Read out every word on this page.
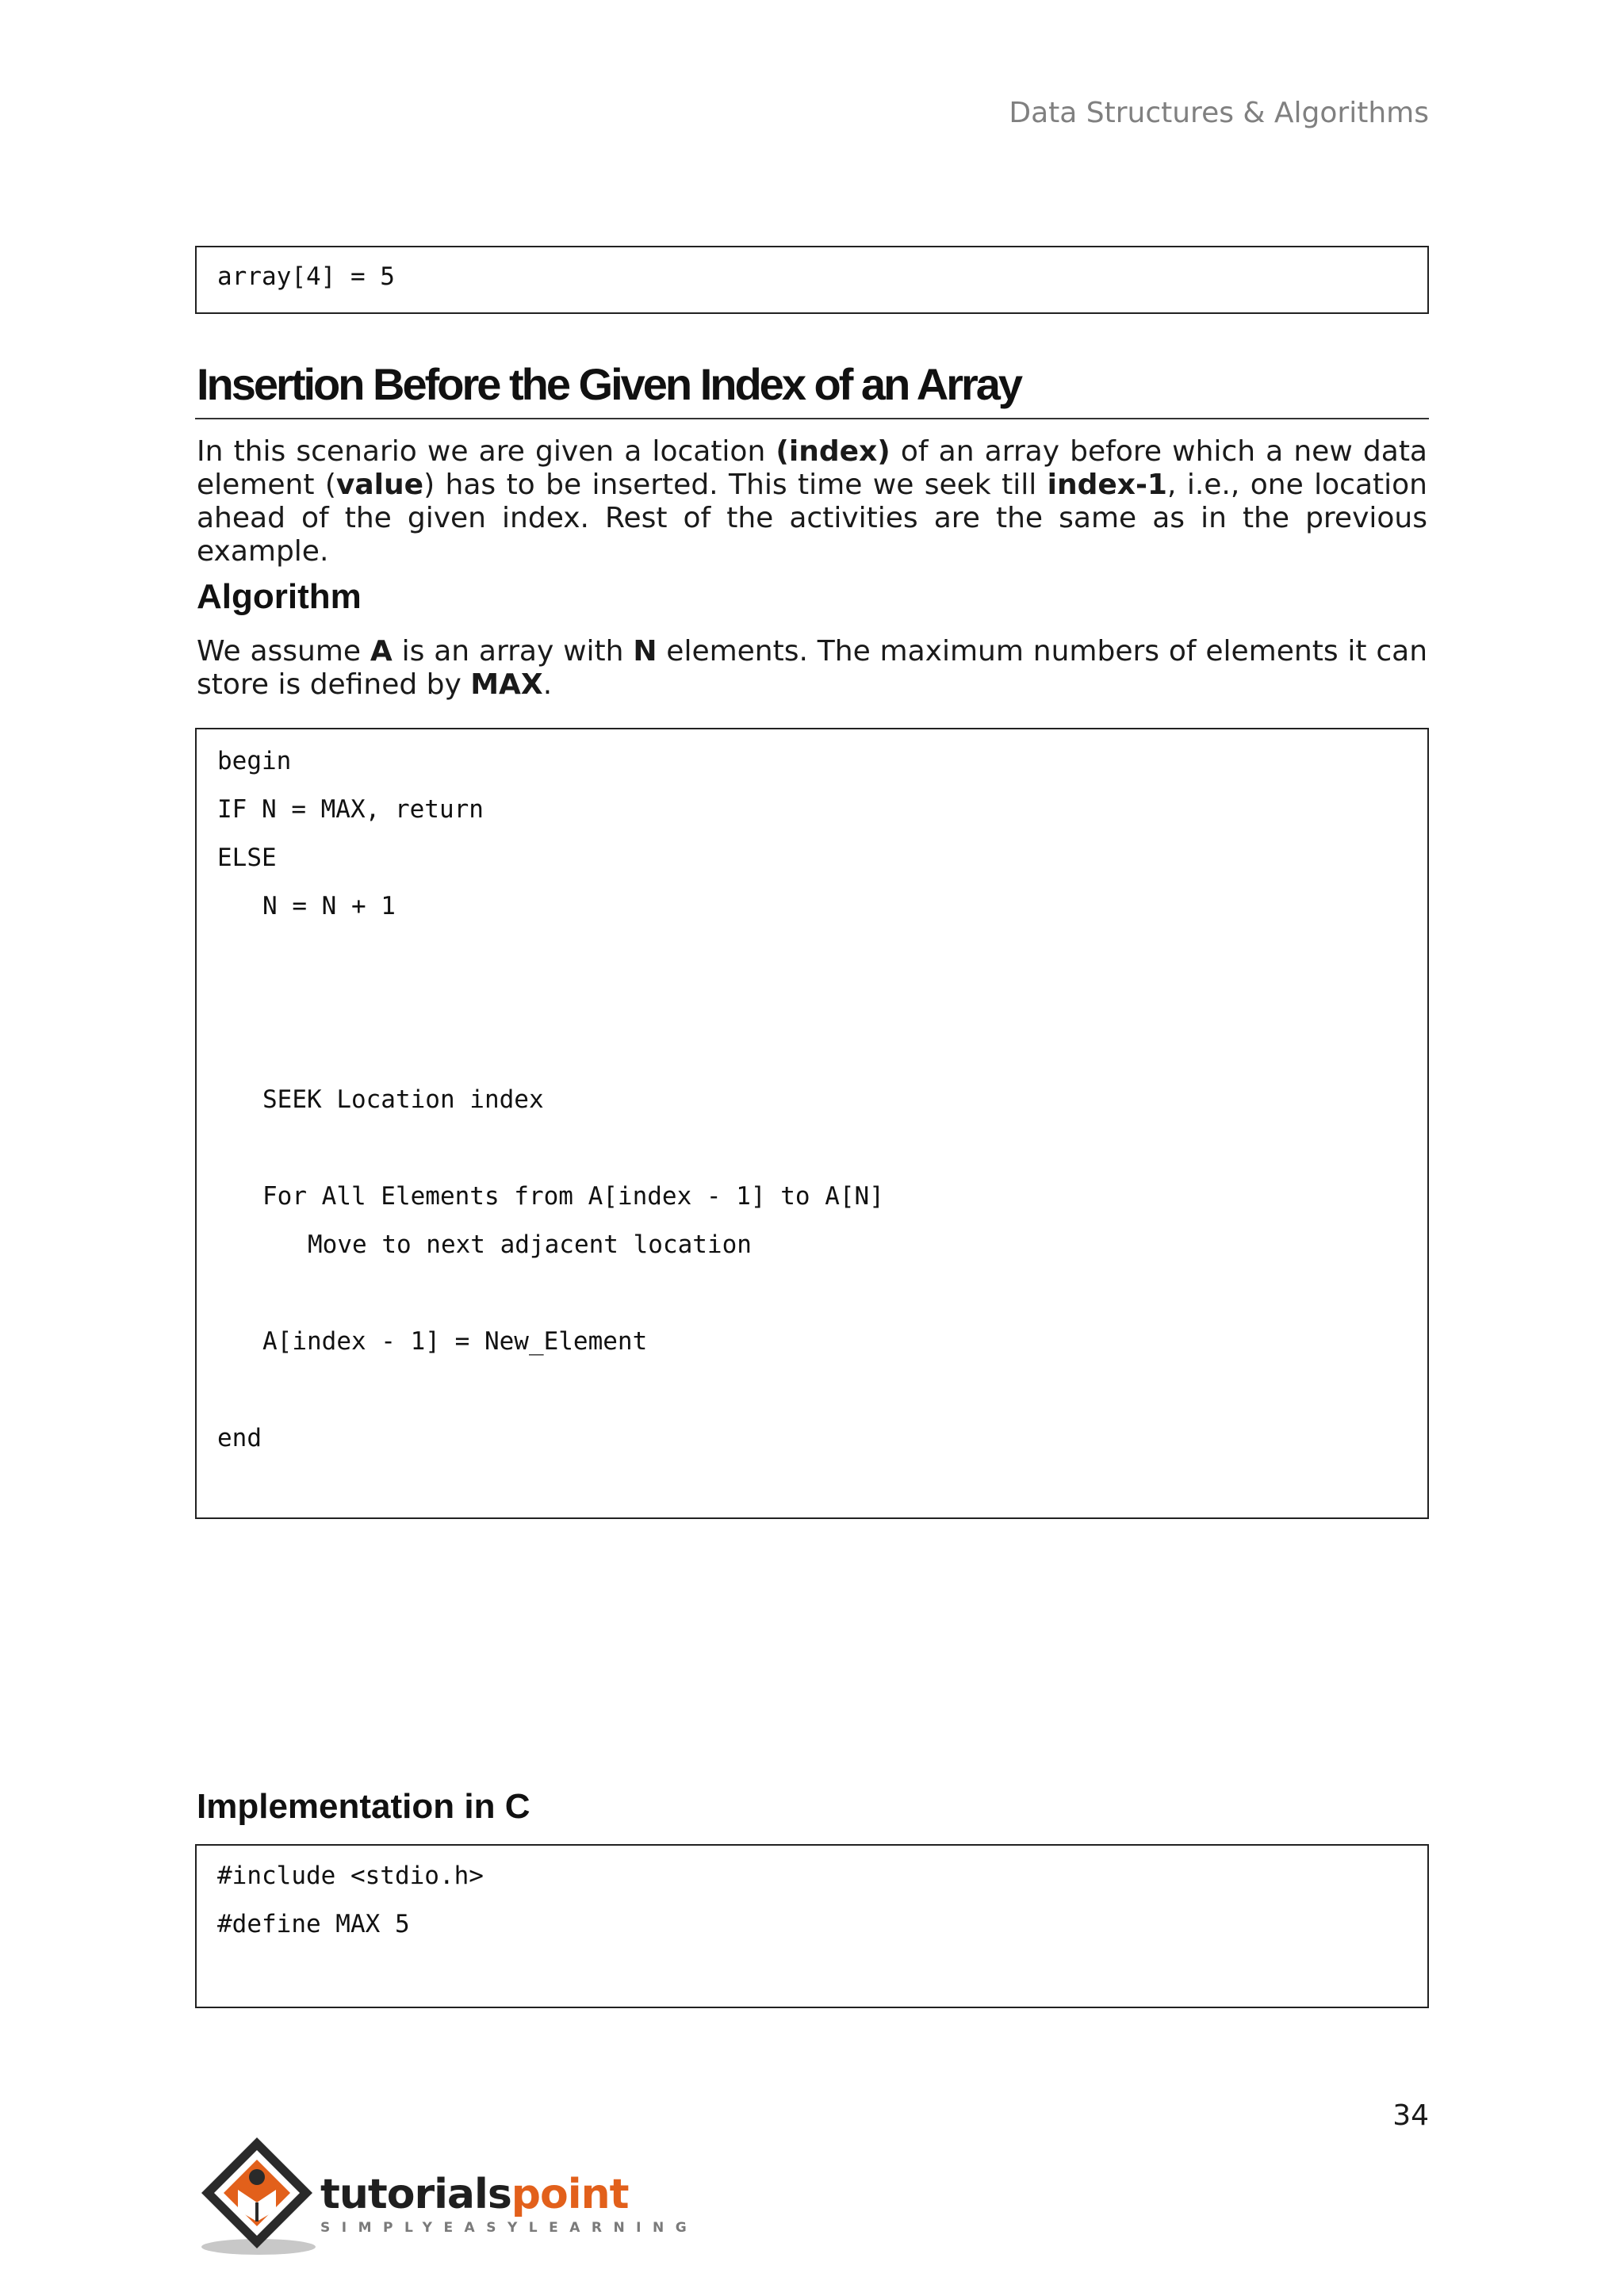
Data Structures & Algorithms
array[4] = 5
Insertion Before the Given Index of an Array
In this scenario we are given a location (index) of an array before which a new data
element (value) has to be inserted. This time we seek till index-1, i.e., one location
ahead of the given index. Rest of the activities are the same as in the previous example.
Algorithm
We assume A is an array with N elements. The maximum numbers of elements it can
store is defined by MAX.
begin
IF N = MAX, return
ELSE
N = N + 1
SEEK Location index
For All Elements from A[index - 1] to A[N]
Move to next adjacent location
A[index - 1] = New_Element
end
Implementation in C
#include <stdio.h>
#define MAX 5
34
tutorialspoint
SIMPLYEASYLEARNING
